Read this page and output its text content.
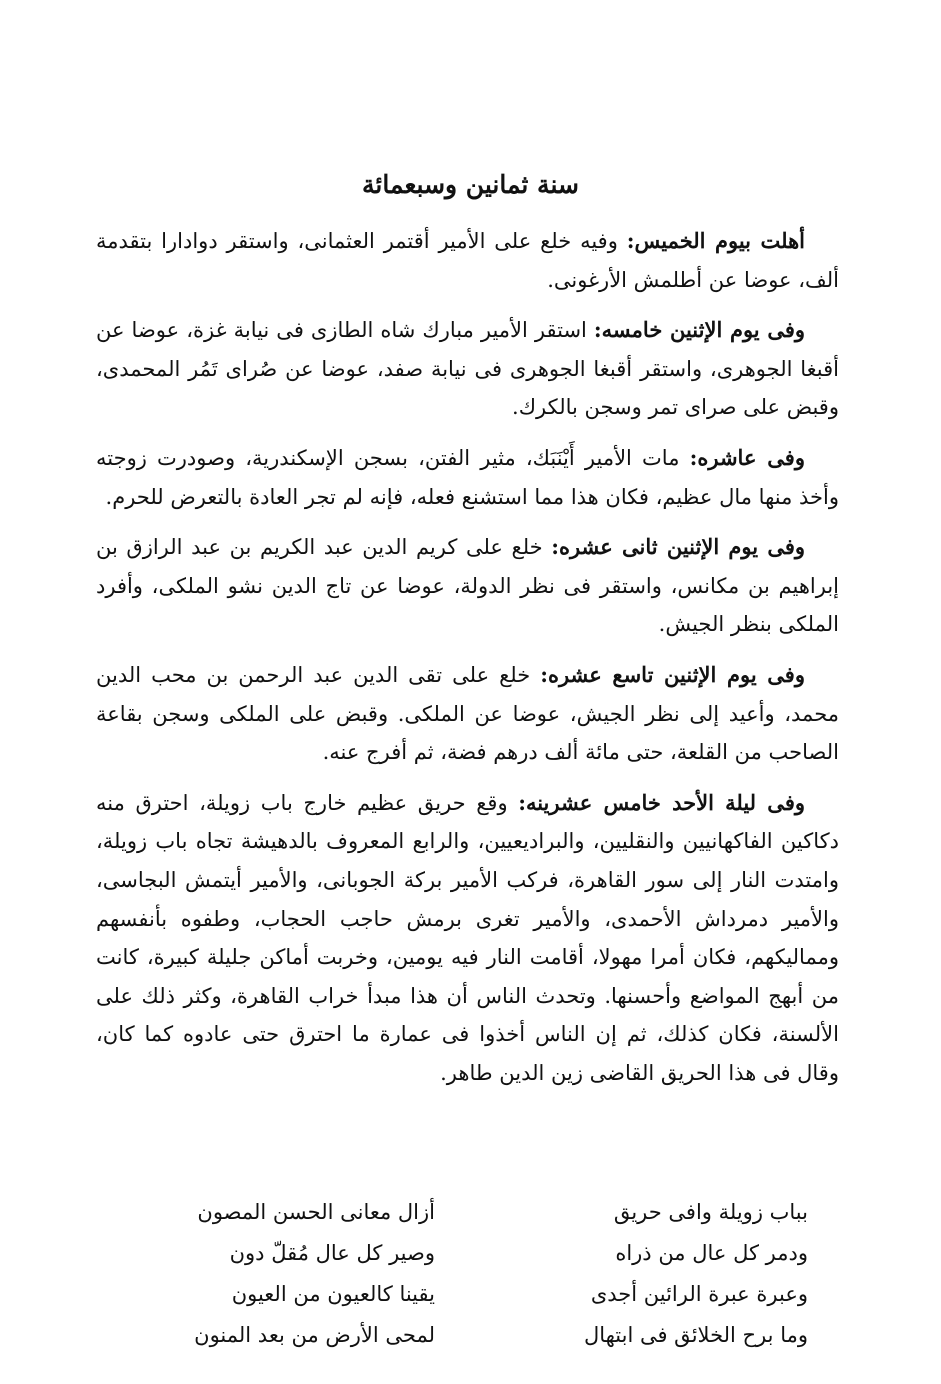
سنة ثمانين وسبعمائة

أهلت بيوم الخميس: وفيه خلع على الأمير أقتمر العثمانى، واستقر دوادارا بتقدمة ألف، عوضا عن أطلمش الأرغونى.

وفى يوم الإثنين خامسه: استقر الأمير مبارك شاه الطازى فى نيابة غزة، عوضا عن أقبغا الجوهرى، واستقر أقبغا الجوهرى فى نيابة صفد، عوضا عن صُراى تَمُر المحمدى، وقبض على صراى تمر وسجن بالكرك.

وفى عاشره: مات الأمير أَيْنَبَك، مثير الفتن، بسجن الإسكندرية، وصودرت زوجته وأخذ منها مال عظيم، فكان هذا مما استشنع فعله، فإنه لم تجر العادة بالتعرض للحرم.

وفى يوم الإثنين ثانى عشره: خلع على كريم الدين عبد الكريم بن عبد الرازق بن إبراهيم بن مكانس، واستقر فى نظر الدولة، عوضا عن تاج الدين نشو الملكى، وأفرد الملكى بنظر الجيش.

وفى يوم الإثنين تاسع عشره: خلع على تقى الدين عبد الرحمن بن محب الدين محمد، وأعيد إلى نظر الجيش، عوضا عن الملكى. وقبض على الملكى وسجن بقاعة الصاحب من القلعة، حتى مائة ألف درهم فضة، ثم أفرج عنه.

وفى ليلة الأحد خامس عشرينه: وقع حريق عظيم خارج باب زويلة، احترق منه دكاكين الفاكهانيين والنقليين، والبراديعيين، والرابع المعروف بالدهيشة تجاه باب زويلة، وامتدت النار إلى سور القاهرة، فركب الأمير بركة الجوبانى، والأمير أيتمش البجاسى، والأمير دمرداش الأحمدى، والأمير تغرى برمش حاجب الحجاب، وطفوه بأنفسهم ومماليكهم، فكان أمرا مهولا، أقامت النار فيه يومين، وخربت أماكن جليلة كبيرة، كانت من أبهج المواضع وأحسنها. وتحدث الناس أن هذا مبدأ خراب القاهرة، وكثر ذلك على الألسنة، فكان كذلك، ثم إن الناس أخذوا فى عمارة ما احترق حتى عادوه كما كان، وقال فى هذا الحريق القاضى زين الدين طاهر.

بباب زويلة وافى حريق
أزال معانى الحسن المصون
ودمر كل عال من ذراه
وصير كل عال مُقلّ دون
وعبرة عبرة الرائين أجدى
يقينا كالعيون من العيون
وما برح الخلائق فى ابتهال
لمحى الأرض من بعد المنون
